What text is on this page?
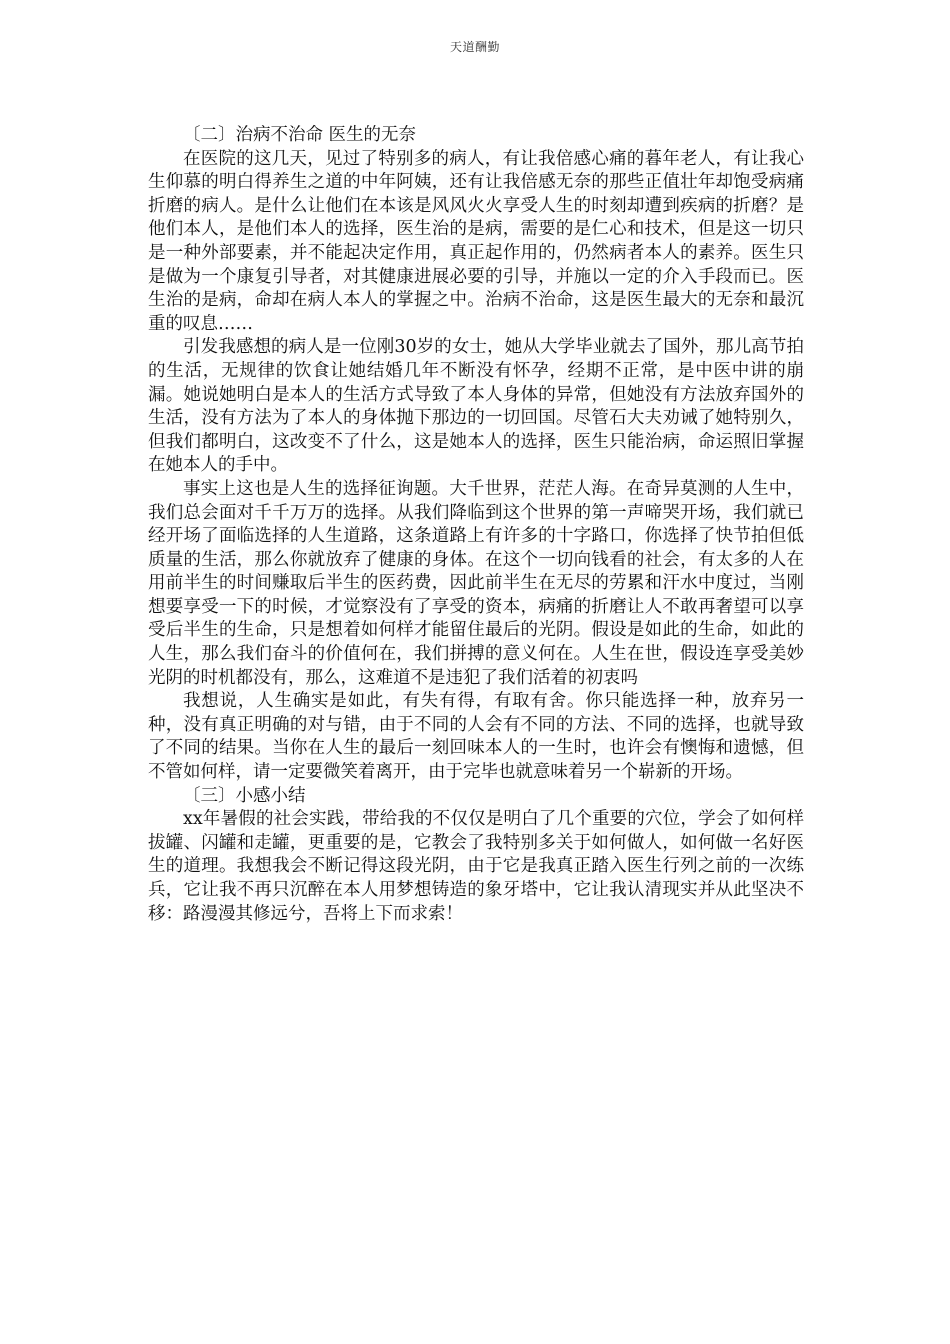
天道酬勤

〔二〕治病不治命 医生的无奈

在医院的这几天，见过了特别多的病人，有让我倍感心痛的暮年老人，有让我心生仰慕的明白得养生之道的中年阿姨，还有让我倍感无奈的那些正值壮年却饱受病痛折磨的病人。是什么让他们在本该是风风火火享受人生的时刻却遭到疾病的折磨？是他们本人，是他们本人的选择，医生治的是病，需要的是仁心和技术，但是这一切只是一种外部要素，并不能起决定作用，真正起作用的，仍然病者本人的素养。医生只是做为一个康复引导者，对其健康进展必要的引导，并施以一定的介入手段而已。医生治的是病，命却在病人本人的掌握之中。治病不治命，这是医生最大的无奈和最沉重的叹息……

引发我感想的病人是一位刚30岁的女士，她从大学毕业就去了国外，那儿高节拍的生活，无规律的饮食让她结婚几年不断没有怀孕，经期不正常，是中医中讲的崩漏。她说她明白是本人的生活方式导致了本人身体的异常，但她没有方法放弃国外的生活，没有方法为了本人的身体抛下那边的一切回国。尽管石大夫劝诫了她特别久，但我们都明白，这改变不了什么，这是她本人的选择，医生只能治病，命运照旧掌握在她本人的手中。

事实上这也是人生的选择征询题。大千世界，茫茫人海。在奇异莫测的人生中，我们总会面对千千万万的选择。从我们降临到这个世界的第一声啼哭开场，我们就已经开场了面临选择的人生道路，这条道路上有许多的十字路口，你选择了快节拍但低质量的生活，那么你就放弃了健康的身体。在这个一切向钱看的社会，有太多的人在用前半生的时间赚取后半生的医药费，因此前半生在无尽的劳累和汗水中度过，当刚想要享受一下的时候，才觉察没有了享受的资本，病痛的折磨让人不敢再奢望可以享受后半生的生命，只是想着如何样才能留住最后的光阴。假设是如此的生命，如此的人生，那么我们奋斗的价值何在，我们拼搏的意义何在。人生在世，假设连享受美妙光阴的时机都没有，那么，这难道不是违犯了我们活着的初衷吗

我想说，人生确实是如此，有失有得，有取有舍。你只能选择一种，放弃另一种，没有真正明确的对与错，由于不同的人会有不同的方法、不同的选择，也就导致了不同的结果。当你在人生的最后一刻回味本人的一生时，也许会有懊悔和遗憾，但不管如何样，请一定要微笑着离开，由于完毕也就意味着另一个崭新的开场。

〔三〕小感小结

xx年暑假的社会实践，带给我的不仅仅是明白了几个重要的穴位，学会了如何样拔罐、闪罐和走罐，更重要的是，它教会了我特别多关于如何做人，如何做一名好医生的道理。我想我会不断记得这段光阴，由于它是我真正踏入医生行列之前的一次练兵，它让我不再只沉醉在本人用梦想铸造的象牙塔中，它让我认清现实并从此坚决不移：路漫漫其修远兮，吾将上下而求索！
